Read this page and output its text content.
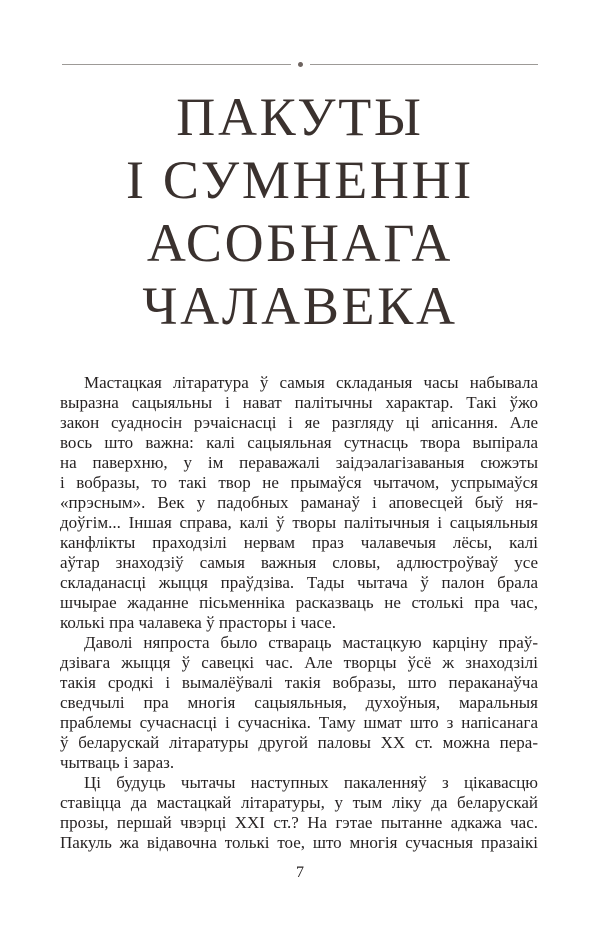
ПАКУТЫ
І СУМНЕННІ
АСОБНАГА
ЧАЛАВЕКА
Мастацкая літаратура ў самыя складаныя часы набывала
выразна сацыяльны і нават палітычны характар. Такі ўжо
закон суадносін рэчаіснасці і яе разгляду ці апісання. Але
вось што важна: калі сацыяльная сутнасць твора выпірала
на паверхню, у ім пераважалі заідэалагізаваныя сюжэты
і вобразы, то такі твор не прымаўся чытачом, успрымаўся
«прэсным». Век у падобных раманаў і аповесцей быў ня-
доўгім... Іншая справа, калі ў творы палітычныя і сацыяльныя
канфлікты праходзілі нервам праз чалавечыя лёсы, калі
аўтар знаходзіў самыя важныя словы, адлюстроўваў усе
складанасці жыцця праўдзіва. Тады чытача ў палон брала
шчырае жаданне пісьменніка расказваць не столькі пра час,
колькі пра чалавека ў прасторы і часе.
Даволі няпроста было ствараць мастацкую карціну праў-
дзівага жыцця ў савецкі час. Але творцы ўсё ж знаходзілі
такія сродкі і вымалёўвалі такія вобразы, што пераканаўча
сведчылі пра многія сацыяльныя, духоўныя, маральныя
праблемы сучаснасці і сучасніка. Таму шмат што з напісанага
ў беларускай літаратуры другой паловы XX ст. можна пера-
чытваць і зараз.
Ці будуць чытачы наступных пакаленняў з цікавасцю
ставіцца да мастацкай літаратуры, у тым ліку да беларускай
прозы, першай чвэрці XXI ст.? На гэтае пытанне адкажа час.
Пакуль жа відавочна толькі тое, што многія сучасныя празаікі
7
